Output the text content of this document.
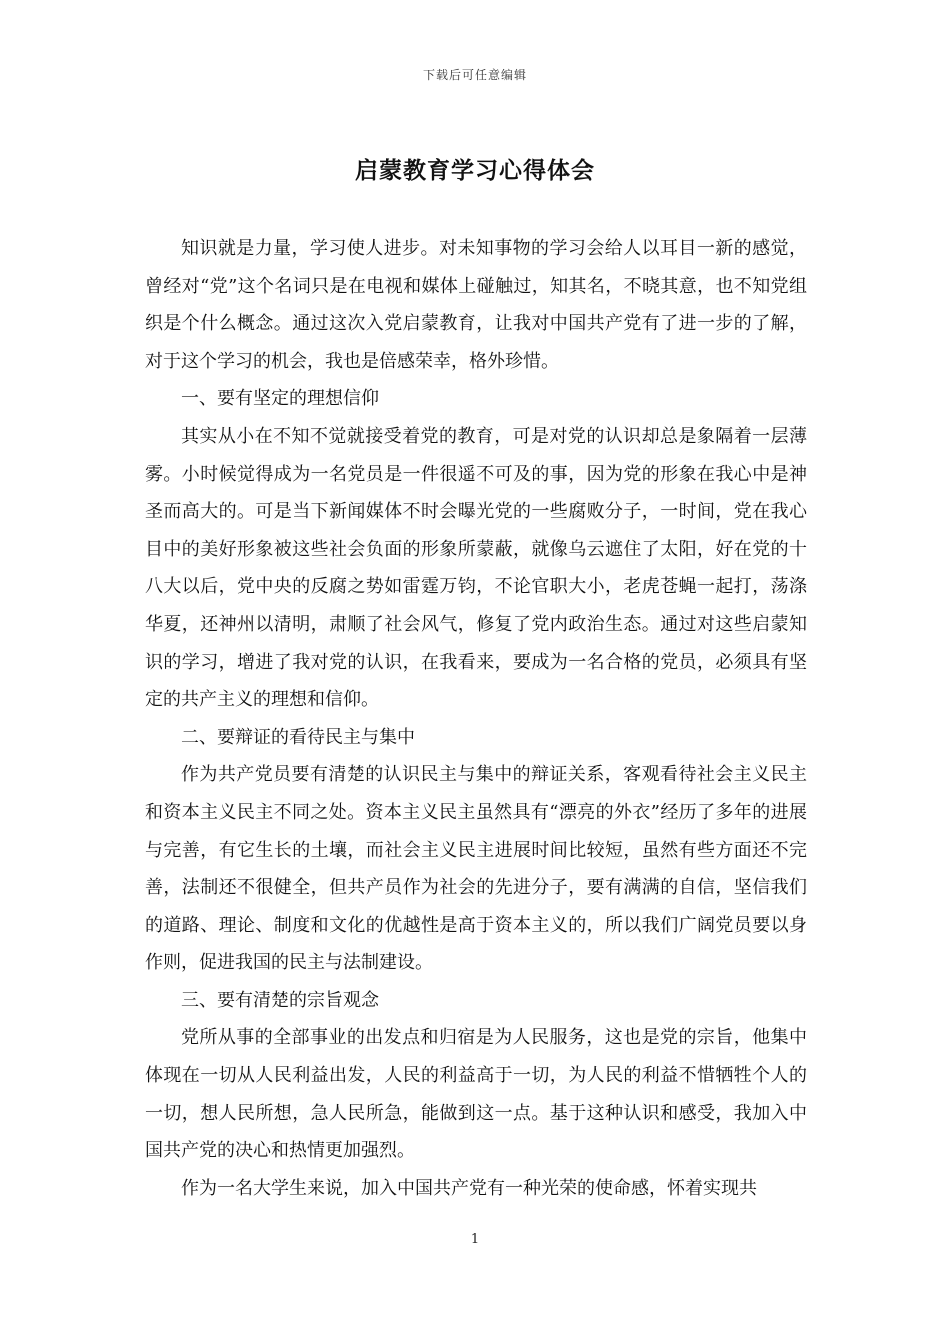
下载后可任意编辑
启蒙教育学习心得体会

知识就是力量，学习使人进步。对未知事物的学习会给人以耳目一新的感觉，曾经对“党”这个名词只是在电视和媒体上碰触过，知其名，不晓其意，也不知党组织是个什么概念。通过这次入党启蒙教育，让我对中国共产党有了进一步的了解，对于这个学习的机会，我也是倍感荣幸，格外珍惜。

一、要有坚定的理想信仰

其实从小在不知不觉就接受着党的教育，可是对党的认识却总是象隔着一层薄雾。小时候觉得成为一名党员是一件很遥不可及的事，因为党的形象在我心中是神圣而高大的。可是当下新闻媒体不时会曝光党的一些腐败分子，一时间，党在我心目中的美好形象被这些社会负面的形象所蒙蔽，就像乌云遮住了太阳，好在党的十八大以后，党中央的反腐之势如雷霆万钧，不论官职大小，老虎苍蝇一起打，荡涤华夏，还神州以清明，肃顺了社会风气，修复了党内政治生态。通过对这些启蒙知识的学习，增进了我对党的认识，在我看来，要成为一名合格的党员，必须具有坚定的共产主义的理想和信仰。

二、要辩证的看待民主与集中

作为共产党员要有清楚的认识民主与集中的辩证关系，客观看待社会主义民主和资本主义民主不同之处。资本主义民主虽然具有“漂亮的外衣”经历了多年的进展与完善，有它生长的土壤，而社会主义民主进展时间比较短，虽然有些方面还不完善，法制还不很健全，但共产员作为社会的先进分子，要有满满的自信，坚信我们的道路、理论、制度和文化的优越性是高于资本主义的，所以我们广阔党员要以身作则，促进我国的民主与法制建设。

三、要有清楚的宗旨观念

党所从事的全部事业的出发点和归宿是为人民服务，这也是党的宗旨，他集中体现在一切从人民利益出发，人民的利益高于一切，为人民的利益不惜牺牲个人的一切，想人民所想，急人民所急，能做到这一点。基于这种认识和感受，我加入中国共产党的决心和热情更加强烈。

作为一名大学生来说，加入中国共产党有一种光荣的使命感，怀着实现共

1
